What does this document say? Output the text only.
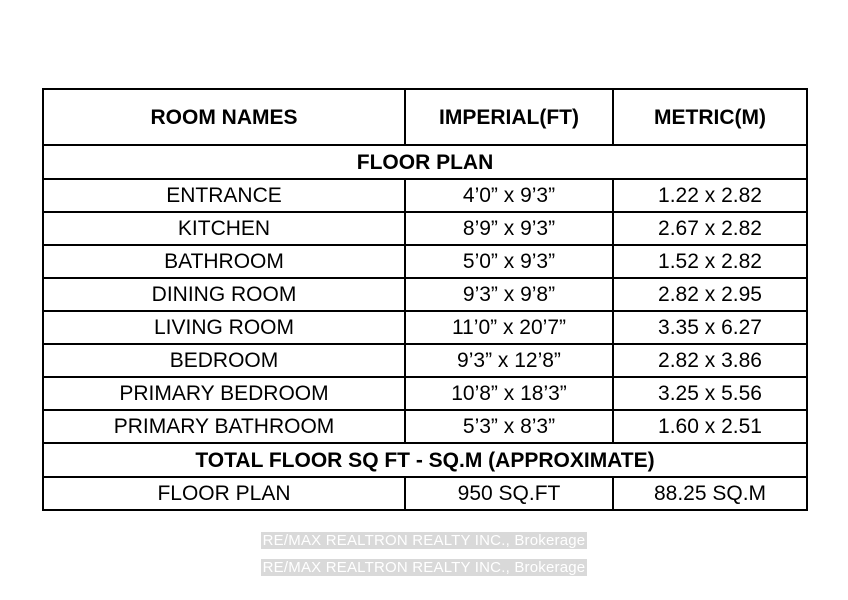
ROOM NAMES	IMPERIAL(FT)	METRIC(M)
FLOOR PLAN		
ENTRANCE	4’0” x 9’3”	1.22 x 2.82
KITCHEN	8’9” x 9’3”	2.67 x 2.82
BATHROOM	5’0” x 9’3”	1.52 x 2.82
DINING ROOM	9’3” x 9’8”	2.82 x 2.95
LIVING ROOM	11’0” x 20’7”	3.35 x 6.27
BEDROOM	9’3” x 12’8”	2.82 x 3.86
PRIMARY BEDROOM	10’8” x 18’3”	3.25 x 5.56
PRIMARY BATHROOM	5’3” x 8’3”	1.60 x 2.51
TOTAL FLOOR SQ FT - SQ.M (APPROXIMATE)		
FLOOR PLAN	950 SQ.FT	88.25 SQ.M
RE/MAX REALTRON REALTY INC., Brokerage
RE/MAX REALTRON REALTY INC., Brokerage
